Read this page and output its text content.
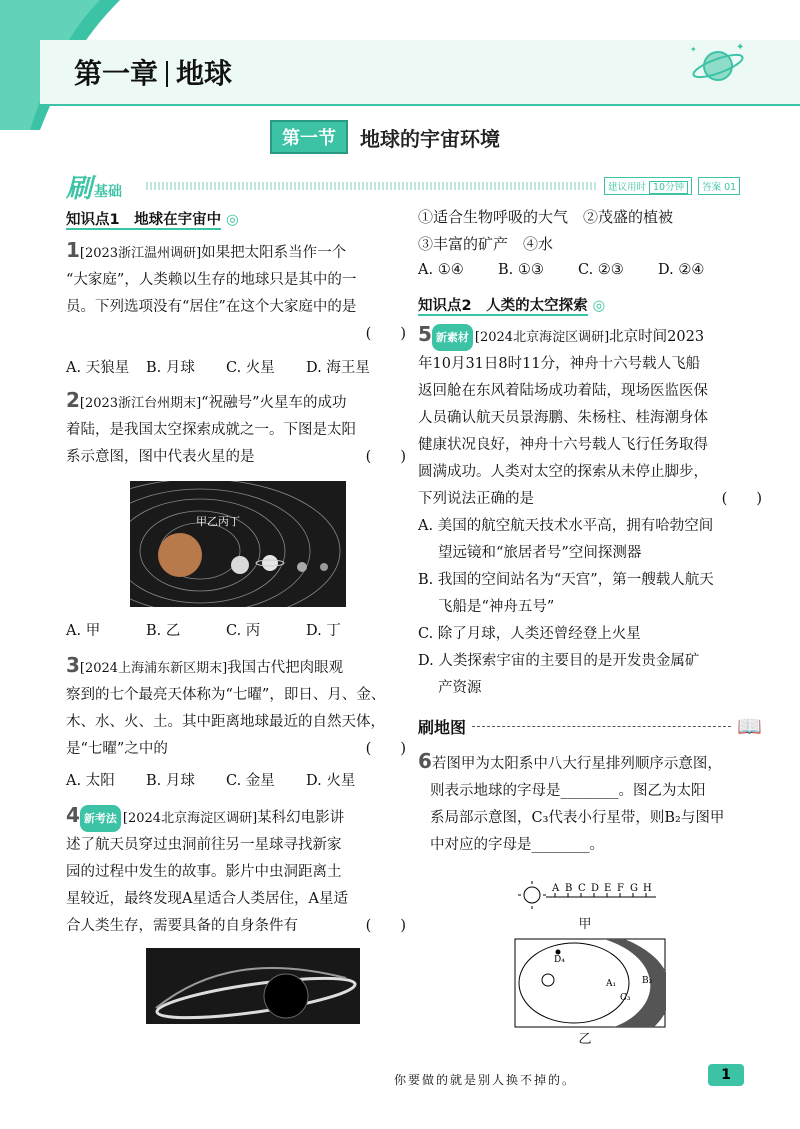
第一章 地球
✦
✦
第一节	地球的宇宙环境
刷 基础	建议用时 10分钟	答案 01
知识点1　地球在宇宙中 ◎
1[2023浙江温州调研]如果把太阳系当作一个
“大家庭”，人类赖以生存的地球只是其中的一
员。下列选项没有“居住”在这个大家庭中的是
(　　)
A. 天狼星	B. 月球	C. 火星	D. 海王星
2[2023浙江台州期末]“祝融号”火星车的成功
着陆，是我国太空探索成就之一。下图是太阳
系示意图，图中代表火星的是	(　　)
甲乙丙丁
A. 甲	B. 乙	C. 丙	D. 丁
3[2024上海浦东新区期末]我国古代把肉眼观
察到的七个最亮天体称为“七曜”，即日、月、金、
木、水、火、土。其中距离地球最近的自然天体，
是“七曜”之中的	(　　)
A. 太阳	B. 月球	C. 金星	D. 火星
4 新考法 [2024北京海淀区调研]某科幻电影讲
述了航天员穿过虫洞前往另一星球寻找新家
园的过程中发生的故事。影片中虫洞距离土
星较近，最终发现A星适合人类居住，A星适
合人类生存，需要具备的自身条件有	(　　)
①适合生物呼吸的大气　②茂盛的植被
③丰富的矿产　④水
A. ①④	B. ①③	C. ②③	D. ②④
知识点2　人类的太空探索 ◎
5 新素材 [2024北京海淀区调研]北京时间2023
年10月31日8时11分，神舟十六号载人飞船
返回舱在东风着陆场成功着陆，现场医监医保
人员确认航天员景海鹏、朱杨柱、桂海潮身体
健康状况良好，神舟十六号载人飞行任务取得
圆满成功。人类对太空的探索从未停止脚步，
下列说法正确的是	(　　)
A. 美国的航空航天技术水平高，拥有哈勃空间
望远镜和“旅居者号”空间探测器
B. 我国的空间站名为“天宫”，第一艘载人航天
飞船是“神舟五号”
C. 除了月球，人类还曾经登上火星
D. 人类探索宇宙的主要目的是开发贵金属矿
产资源
刷地图	📖
6若图甲为太阳系中八大行星排列顺序示意图，
则表示地球的字母是________。图乙为太阳
系局部示意图，C₃代表小行星带，则B₂与图甲
中对应的字母是________。
A B C D E F G H
甲
D₄
A₁	B₂
C₃
乙
你要做的就是别人换不掉的。	1
